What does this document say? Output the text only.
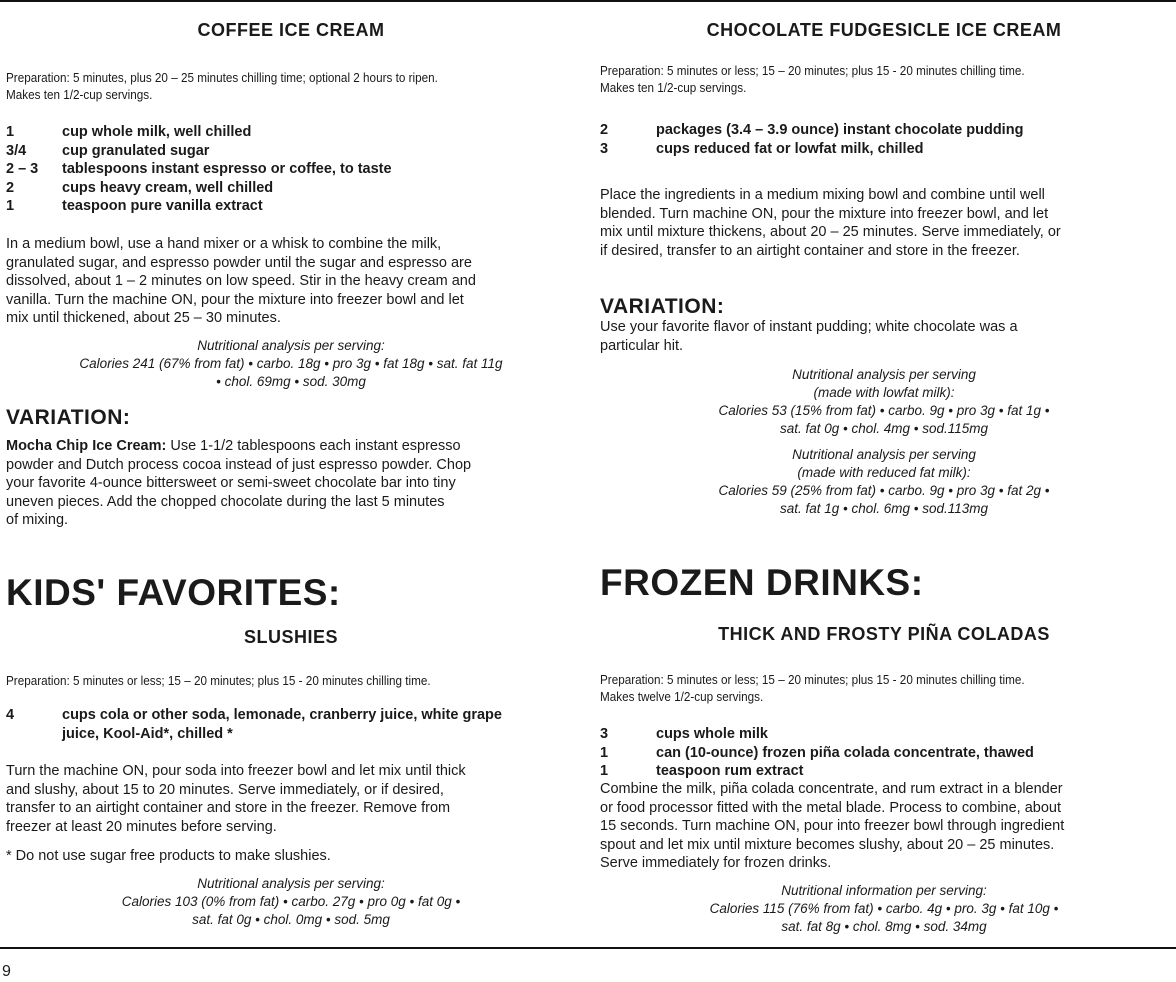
COFFEE ICE CREAM
Preparation: 5 minutes, plus 20 – 25 minutes chilling time; optional 2 hours to ripen.
Makes ten 1/2-cup servings.
1	cup whole milk, well chilled
3/4	cup granulated sugar
2 – 3	tablespoons instant espresso or coffee, to taste
2	cups heavy cream, well chilled
1	teaspoon pure vanilla extract
In a medium bowl, use a hand mixer or a whisk to combine the milk,
granulated sugar, and espresso powder until the sugar and espresso are
dissolved, about 1 – 2 minutes on low speed. Stir in the heavy cream and
vanilla. Turn the machine ON, pour the mixture into freezer bowl and let
mix until thickened, about 25 – 30 minutes.
Nutritional analysis per serving:
Calories 241 (67% from fat) • carbo. 18g • pro 3g • fat 18g • sat. fat 11g
• chol. 69mg • sod. 30mg
VARIATION:
Mocha Chip Ice Cream: Use 1-1/2 tablespoons each instant espresso
powder and Dutch process cocoa instead of just espresso powder. Chop
your favorite 4-ounce bittersweet or semi-sweet chocolate bar into tiny
uneven pieces. Add the chopped chocolate during the last 5 minutes
of mixing.
KIDS' FAVORITES:
SLUSHIES
Preparation: 5 minutes or less; 15 – 20 minutes; plus 15 - 20 minutes chilling time.
4	cups cola or other soda, lemonade, cranberry juice, white grape
juice, Kool-Aid*, chilled *
Turn the machine ON, pour soda into freezer bowl and let mix until thick
and slushy, about 15 to 20 minutes. Serve immediately, or if desired,
transfer to an airtight container and store in the freezer. Remove from
freezer at least 20 minutes before serving.
* Do not use sugar free products to make slushies.
Nutritional analysis per serving:
Calories 103 (0% from fat) • carbo. 27g • pro 0g • fat 0g •
sat. fat 0g • chol. 0mg • sod. 5mg
CHOCOLATE FUDGESICLE ICE CREAM
Preparation: 5 minutes or less; 15 – 20 minutes; plus 15 - 20 minutes chilling time.
Makes ten 1/2-cup servings.
2	packages (3.4 – 3.9 ounce) instant chocolate pudding
3	cups reduced fat or lowfat milk, chilled
Place the ingredients in a medium mixing bowl and combine until well
blended. Turn machine ON, pour the mixture into freezer bowl, and let
mix until mixture thickens, about 20 – 25 minutes. Serve immediately, or
if desired, transfer to an airtight container and store in the freezer.
VARIATION:
Use your favorite flavor of instant pudding; white chocolate was a
particular hit.
Nutritional analysis per serving
(made with lowfat milk):
Calories 53 (15% from fat) • carbo. 9g • pro 3g • fat 1g •
sat. fat 0g • chol. 4mg • sod.115mg
Nutritional analysis per serving
(made with reduced fat milk):
Calories 59 (25% from fat) • carbo. 9g • pro 3g • fat 2g •
sat. fat 1g • chol. 6mg • sod.113mg
FROZEN DRINKS:
THICK AND FROSTY PIÑA COLADAS
Preparation: 5 minutes or less; 15 – 20 minutes; plus 15 - 20 minutes chilling time.
Makes twelve 1/2-cup servings.
3	cups whole milk
1	can (10-ounce) frozen piña colada concentrate, thawed
1	teaspoon rum extract
Combine the milk, piña colada concentrate, and rum extract in a blender
or food processor fitted with the metal blade. Process to combine, about
15 seconds. Turn machine ON, pour into freezer bowl through ingredient
spout and let mix until mixture becomes slushy, about 20 – 25 minutes.
Serve immediately for frozen drinks.
Nutritional information per serving:
Calories 115 (76% from fat) • carbo. 4g • pro. 3g • fat 10g •
sat. fat 8g • chol. 8mg • sod. 34mg
9
